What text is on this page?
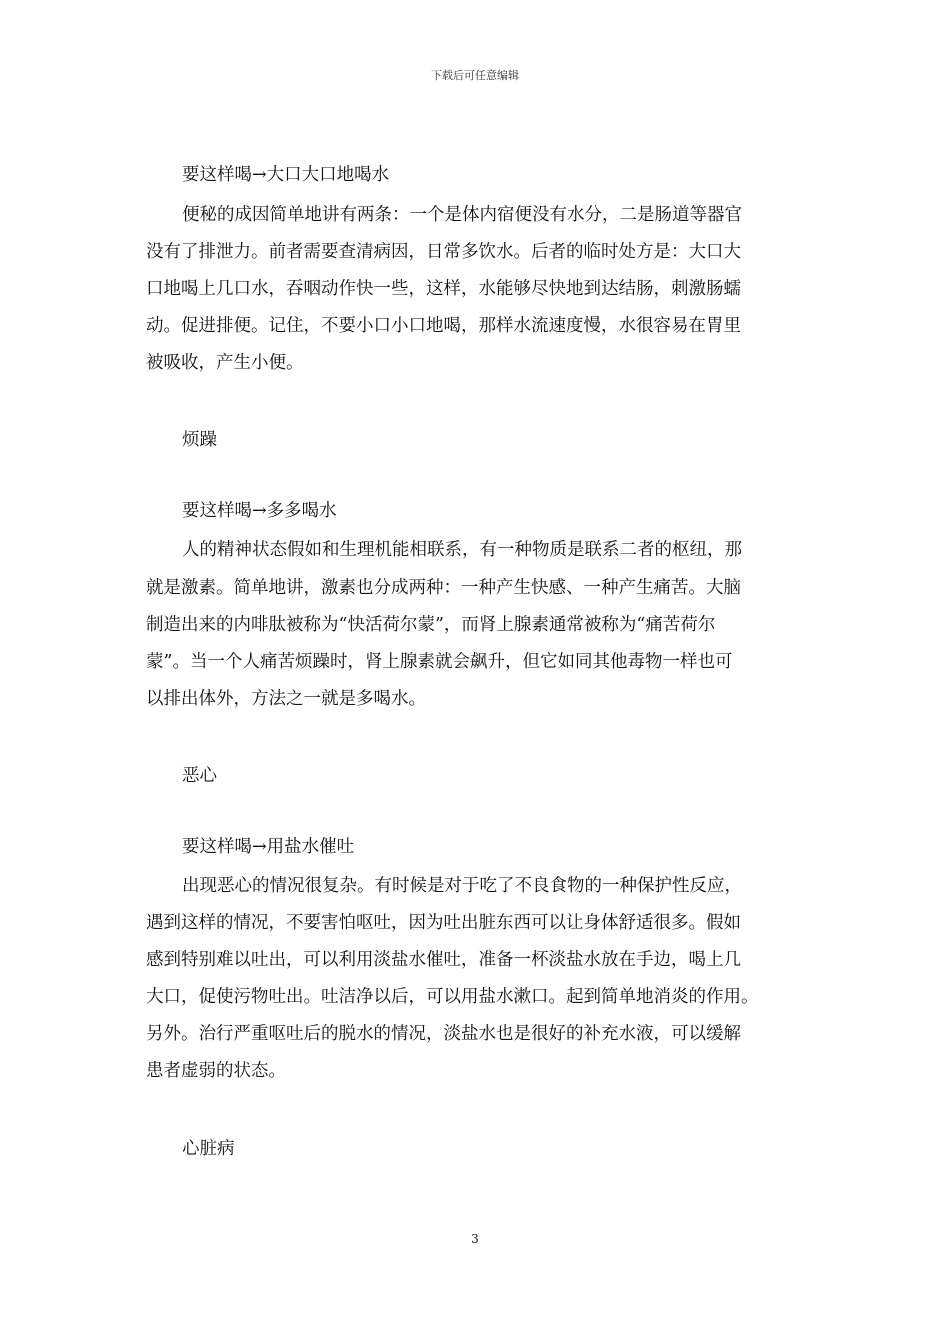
下载后可任意编辑
要这样喝→大口大口地喝水
便秘的成因简单地讲有两条：一个是体内宿便没有水分，二是肠道等器官
没有了排泄力。前者需要查清病因，日常多饮水。后者的临时处方是：大口大
口地喝上几口水，吞咽动作快一些，这样，水能够尽快地到达结肠，刺激肠蠕
动。促进排便。记住，不要小口小口地喝，那样水流速度慢，水很容易在胃里
被吸收，产生小便。
烦躁
要这样喝→多多喝水
人的精神状态假如和生理机能相联系，有一种物质是联系二者的枢纽，那
就是激素。简单地讲，激素也分成两种：一种产生快感、一种产生痛苦。大脑
制造出来的内啡肽被称为“快活荷尔蒙”，而肾上腺素通常被称为“痛苦荷尔
蒙”。当一个人痛苦烦躁时，肾上腺素就会飙升，但它如同其他毒物一样也可
以排出体外，方法之一就是多喝水。
恶心
要这样喝→用盐水催吐
出现恶心的情况很复杂。有时候是对于吃了不良食物的一种保护性反应，
遇到这样的情况，不要害怕呕吐，因为吐出脏东西可以让身体舒适很多。假如
感到特别难以吐出，可以利用淡盐水催吐，准备一杯淡盐水放在手边，喝上几
大口，促使污物吐出。吐洁净以后，可以用盐水漱口。起到简单地消炎的作用。
另外。治行严重呕吐后的脱水的情况，淡盐水也是很好的补充水液，可以缓解
患者虚弱的状态。
心脏病
3
